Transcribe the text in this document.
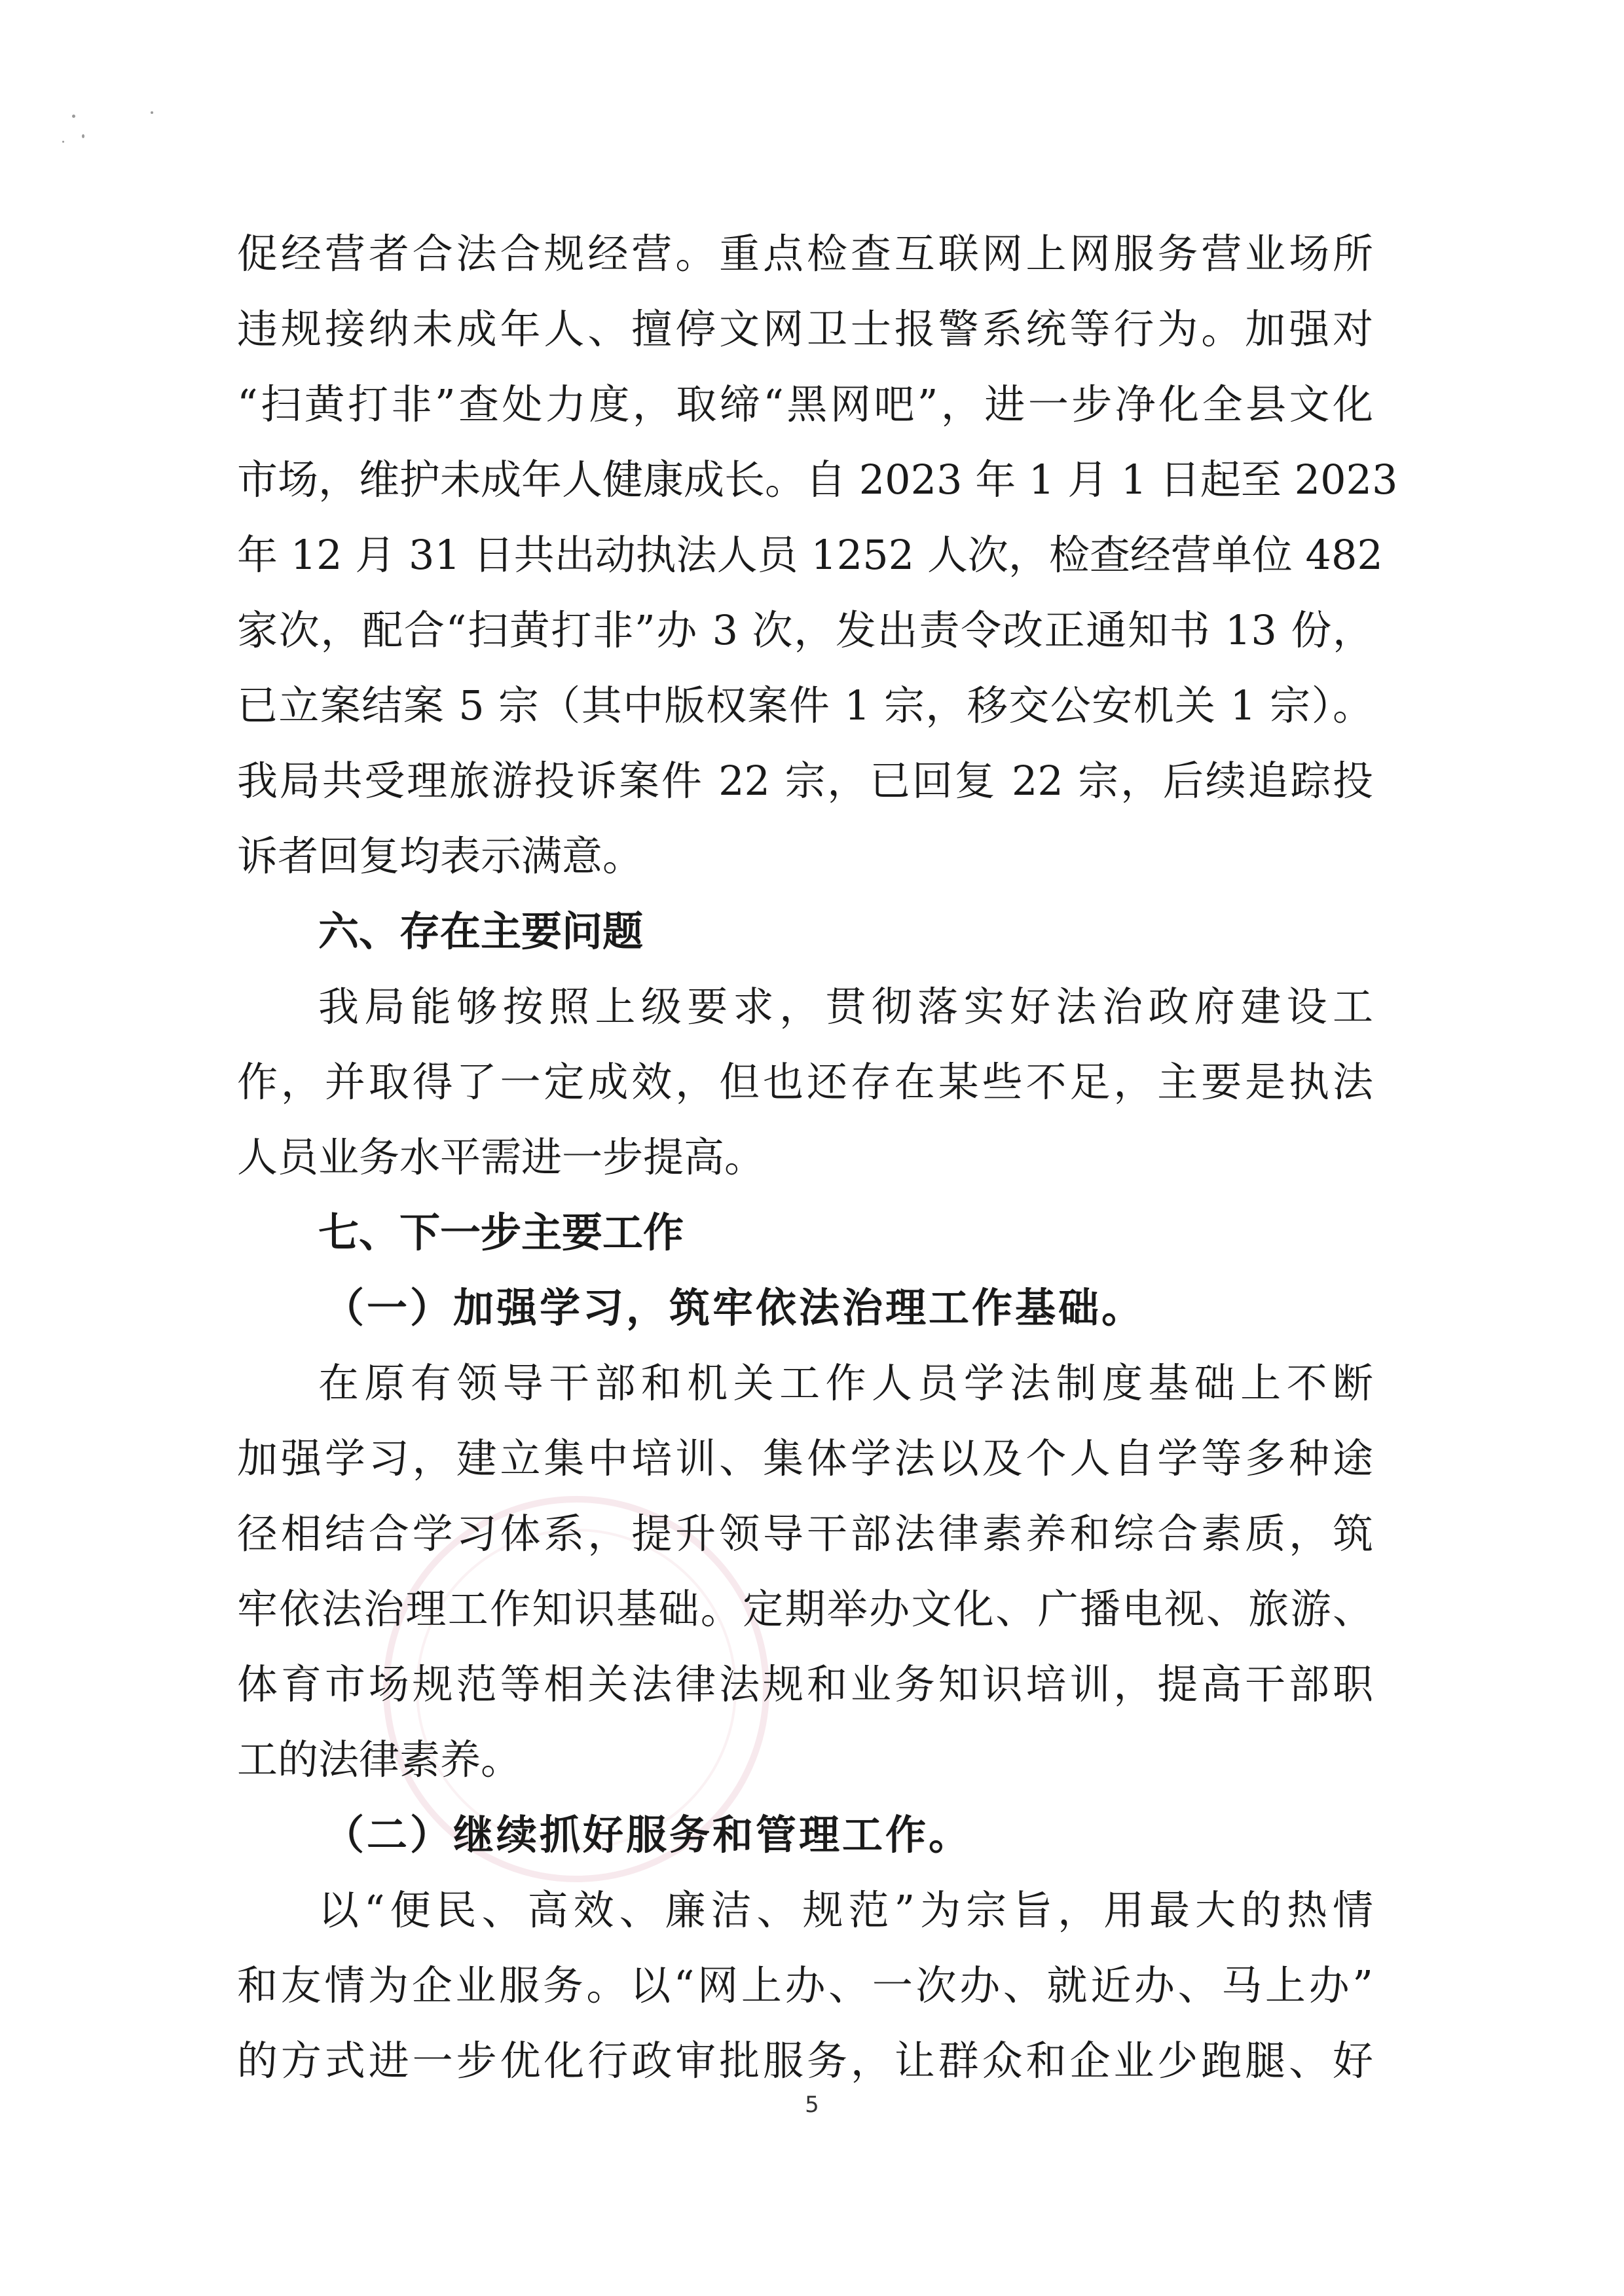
促经营者合法合规经营。重点检查互联网上网服务营业场所
违规接纳未成年人、擅停文网卫士报警系统等行为。加强对
“扫黄打非”查处力度，取缔“黑网吧”，进一步净化全县文化
市场，维护未成年人健康成长。自 2023 年 1 月 1 日起至 2023
年 12 月 31 日共出动执法人员 1252 人次，检查经营单位 482
家次，配合“扫黄打非”办 3 次，发出责令改正通知书 13 份，
已立案结案 5 宗（其中版权案件 1 宗，移交公安机关 1 宗）。
我局共受理旅游投诉案件 22 宗，已回复 22 宗，后续追踪投
诉者回复均表示满意。
六、存在主要问题
我局能够按照上级要求，贯彻落实好法治政府建设工
作，并取得了一定成效，但也还存在某些不足，主要是执法
人员业务水平需进一步提高。
七、下一步主要工作
（一）加强学习，筑牢依法治理工作基础。
在原有领导干部和机关工作人员学法制度基础上不断
加强学习，建立集中培训、集体学法以及个人自学等多种途
径相结合学习体系，提升领导干部法律素养和综合素质，筑
牢依法治理工作知识基础。定期举办文化、广播电视、旅游、
体育市场规范等相关法律法规和业务知识培训，提高干部职
工的法律素养。
（二）继续抓好服务和管理工作。
以“便民、高效、廉洁、规范”为宗旨，用最大的热情
和友情为企业服务。以“网上办、一次办、就近办、马上办”
的方式进一步优化行政审批服务，让群众和企业少跑腿、好
5
